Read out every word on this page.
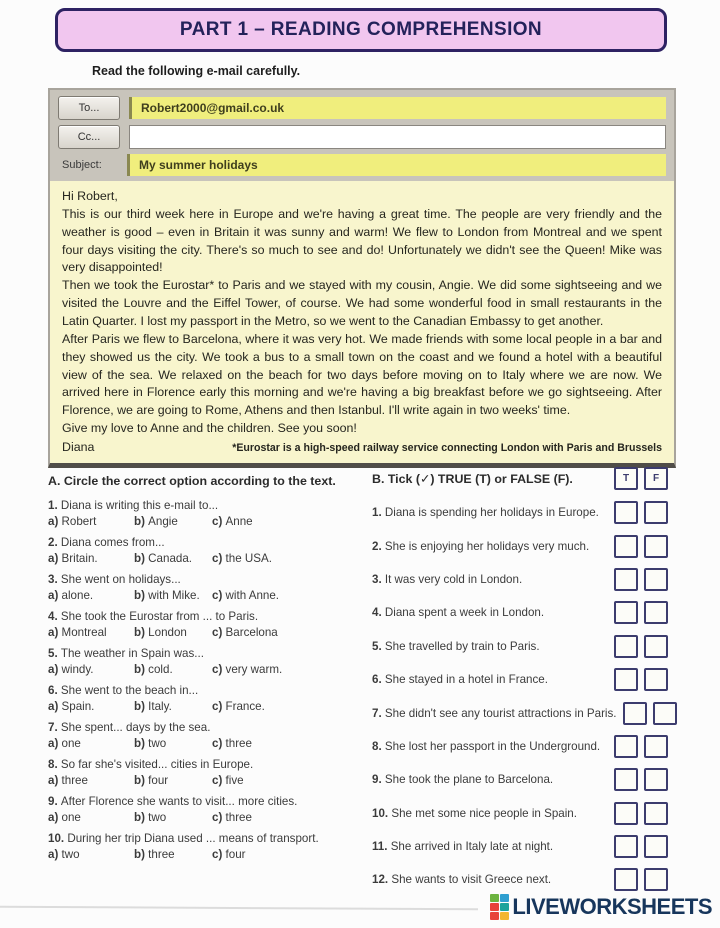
PART 1 – READING COMPREHENSION
Read the following e-mail carefully.
To...	Robert2000@gmail.co.uk
Cc...
Subject:	My summer holidays

Hi Robert,

This is our third week here in Europe and we're having a great time. The people are very friendly and the weather is good – even in Britain it was sunny and warm! We flew to London from Montreal and we spent four days visiting the city. There's so much to see and do! Unfortunately we didn't see the Queen! Mike was very disappointed!

Then we took the Eurostar* to Paris and we stayed with my cousin, Angie. We did some sightseeing and we visited the Louvre and the Eiffel Tower, of course. We had some wonderful food in small restaurants in the Latin Quarter. I lost my passport in the Metro, so we went to the Canadian Embassy to get another.

After Paris we flew to Barcelona, where it was very hot. We made friends with some local people in a bar and they showed us the city. We took a bus to a small town on the coast and we found a hotel with a beautiful view of the sea. We relaxed on the beach for two days before moving on to Italy where we are now. We arrived here in Florence early this morning and we're having a big breakfast before we go sightseeing. After Florence, we are going to Rome, Athens and then Istanbul. I'll write again in two weeks' time.

Give my love to Anne and the children. See you soon!

Diana	*Eurostar is a high-speed railway service connecting London with Paris and Brussels
A. Circle the correct option according to the text.
1. Diana is writing this e-mail to...
a) Robert	b) Angie	c) Anne
2. Diana comes from...
a) Britain.	b) Canada.	c) the USA.
3. She went on holidays...
a) alone.	b) with Mike.	c) with Anne.
4. She took the Eurostar from ... to Paris.
a) Montreal	b) London	c) Barcelona
5. The weather in Spain was...
a) windy.	b) cold.	c) very warm.
6. She went to the beach in...
a) Spain.	b) Italy.	c) France.
7. She spent... days by the sea.
a) one	b) two	c) three
8. So far she's visited... cities in Europe.
a) three	b) four	c) five
9. After Florence she wants to visit... more cities.
a) one	b) two	c) three
10. During her trip Diana used ... means of transport.
a) two	b) three	c) four
B. Tick (✓) TRUE (T) or FALSE (F).	T	F
1. Diana is spending her holidays in Europe.
2. She is enjoying her holidays very much.
3. It was very cold in London.
4. Diana spent a week in London.
5. She travelled by train to Paris.
6. She stayed in a hotel in France.
7. She didn't see any tourist attractions in Paris.
8. She lost her passport in the Underground.
9. She took the plane to Barcelona.
10. She met some nice people in Spain.
11. She arrived in Italy late at night.
12. She wants to visit Greece next.
LIVEWORKSHEETS
